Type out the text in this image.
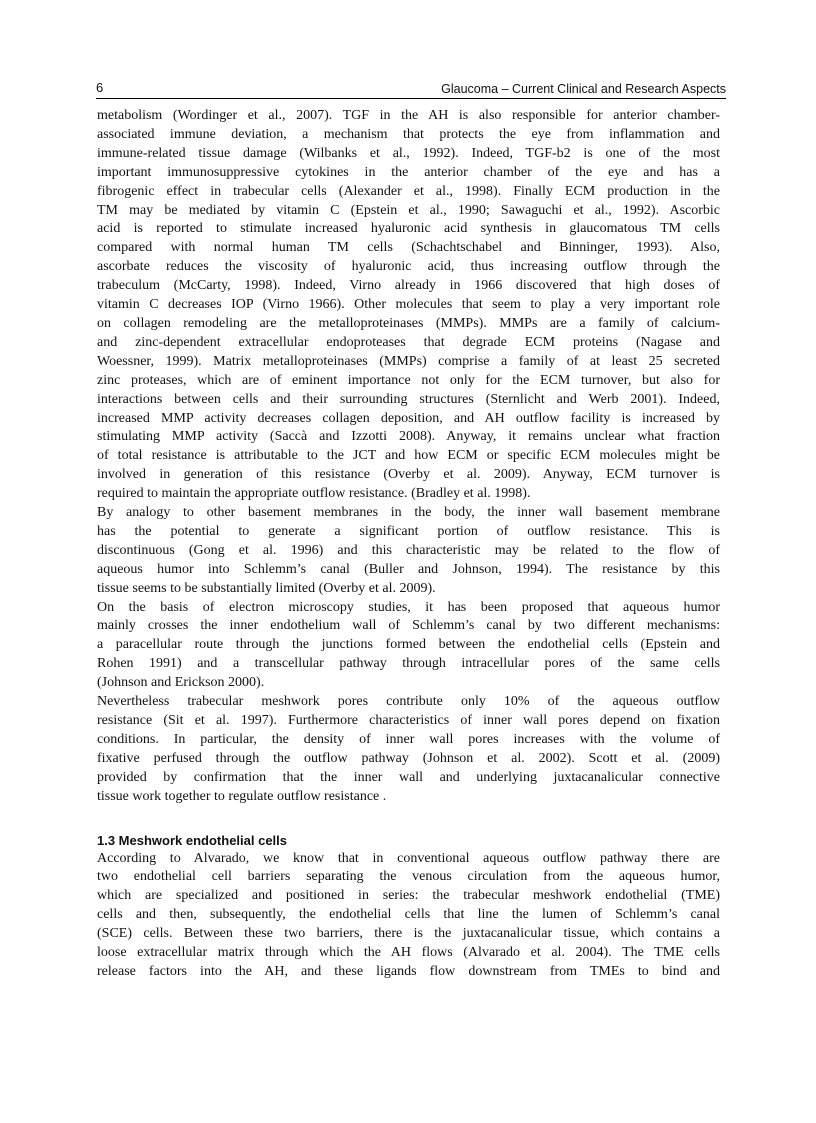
6	Glaucoma – Current Clinical and Research Aspects
metabolism (Wordinger et al., 2007). TGF in the AH is also responsible for anterior chamber-
associated immune deviation, a mechanism that protects the eye from inflammation and
immune-related tissue damage (Wilbanks et al., 1992). Indeed, TGF-b2 is one of the most
important immunosuppressive cytokines in the anterior chamber of the eye and has a
fibrogenic effect in trabecular cells (Alexander et al., 1998). Finally ECM production in the
TM may be mediated by vitamin C (Epstein et al., 1990; Sawaguchi et al., 1992). Ascorbic
acid is reported to stimulate increased hyaluronic acid synthesis in glaucomatous TM cells
compared with normal human TM cells (Schachtschabel and Binninger, 1993). Also,
ascorbate reduces the viscosity of hyaluronic acid, thus increasing outflow through the
trabeculum (McCarty, 1998). Indeed, Virno already in 1966 discovered that high doses of
vitamin C decreases IOP (Virno 1966). Other molecules that seem to play a very important role
on collagen remodeling are the metalloproteinases (MMPs). MMPs are a family of calcium-
and zinc-dependent extracellular endoproteases that degrade ECM proteins (Nagase and
Woessner, 1999). Matrix metalloproteinases (MMPs) comprise a family of at least 25 secreted
zinc proteases, which are of eminent importance not only for the ECM turnover, but also for
interactions between cells and their surrounding structures (Sternlicht and Werb 2001). Indeed,
increased MMP activity decreases collagen deposition, and AH outflow facility is increased by
stimulating MMP activity (Saccà and Izzotti 2008). Anyway, it remains unclear what fraction
of total resistance is attributable to the JCT and how ECM or specific ECM molecules might be
involved in generation of this resistance (Overby et al. 2009). Anyway, ECM turnover is
required to maintain the appropriate outflow resistance. (Bradley et al. 1998).
By analogy to other basement membranes in the body, the inner wall basement membrane
has the potential to generate a significant portion of outflow resistance. This is
discontinuous (Gong et al. 1996) and this characteristic may be related to the flow of
aqueous humor into Schlemm’s canal (Buller and Johnson, 1994). The resistance by this
tissue seems to be substantially limited (Overby et al. 2009).
On the basis of electron microscopy studies, it has been proposed that aqueous humor
mainly crosses the inner endothelium wall of Schlemm’s canal by two different mechanisms:
a paracellular route through the junctions formed between the endothelial cells (Epstein and
Rohen 1991) and a transcellular pathway through intracellular pores of the same cells
(Johnson and Erickson 2000).
Nevertheless trabecular meshwork pores contribute only 10% of the aqueous outflow
resistance (Sit et al. 1997). Furthermore characteristics of inner wall pores depend on fixation
conditions. In particular, the density of inner wall pores increases with the volume of
fixative perfused through the outflow pathway (Johnson et al. 2002). Scott et al. (2009)
provided by confirmation that the inner wall and underlying juxtacanalicular connective
tissue work together to regulate outflow resistance .
1.3 Meshwork endothelial cells
According to Alvarado, we know that in conventional aqueous outflow pathway there are
two endothelial cell barriers separating the venous circulation from the aqueous humor,
which are specialized and positioned in series: the trabecular meshwork endothelial (TME)
cells and then, subsequently, the endothelial cells that line the lumen of Schlemm’s canal
(SCE) cells. Between these two barriers, there is the juxtacanalicular tissue, which contains a
loose extracellular matrix through which the AH flows (Alvarado et al. 2004). The TME cells
release factors into the AH, and these ligands flow downstream from TMEs to bind and
